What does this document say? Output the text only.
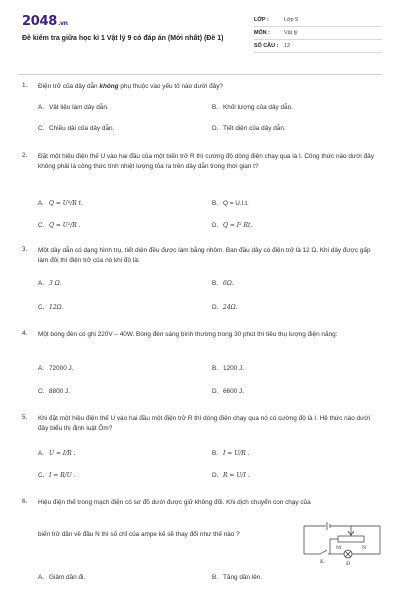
2048.vn
Đề kiểm tra giữa học kì 1 Vật lý 9 có đáp án (Mới nhất) (Đề 1)
LỚP :	Lớp 9
MÔN :	Vật lý
SỐ CÂU :	12
1. Điện trở của dây dẫn không phụ thuộc vào yếu tố nào dưới đây?
A. Vật liệu làm dây dẫn.	B. Khối lượng của dây dẫn.
C. Chiều dài của dây dẫn.	D. Tiết diện của dây dẫn.
2. Đặt một hiệu điện thế U vào hai đầu của một biến trở R thì cường độ dòng điện chạy qua là I. Công thức nào dưới đây không phải là công thức tính nhiệt lượng tỏa ra trên dây dẫn trong thời gian t?
A. Q = U²/R t.	B. Q = U.I.t.
C. Q = U²/R .	D. Q = I² Rt.
3. Một dây dẫn có dạng hình trụ, tiết diện đều được làm bằng nhôm. Ban đầu dây có điện trở là 12 Ω. Khi dây được gấp làm đôi thì điện trở của nó khi đó là:
A. 3 Ω.	B. 6Ω.
C. 12Ω.	D. 24Ω.
4. Một bóng đèn có ghi 220V – 40W. Bóng đèn sáng bình thường trong 30 phút thì tiêu thụ lượng điện năng:
A. 72000 J.	B. 1200 J.
C. 8800 J.	D. 6600 J.
5. Khi đặt một hiệu điện thế U vào hai đầu một điện trở R thì dòng điện chạy qua nó có cường độ là I. Hệ thức nào dưới đây biểu thị định luật Ôm?
A. U = I/R .	B. I = U/R .
C. I = R/U .	D. R = U/I .
6. Hiệu điện thế trong mạch điện có sơ đồ dưới được giữ không đổi. Khi dịch chuyển con chạy của
biến trở dần về đầu N thì số chỉ của ampe kế sẽ thay đổi như thế nào ?
M	N
K	Đ
A. Giảm dần đi.	B. Tăng dần lên.
